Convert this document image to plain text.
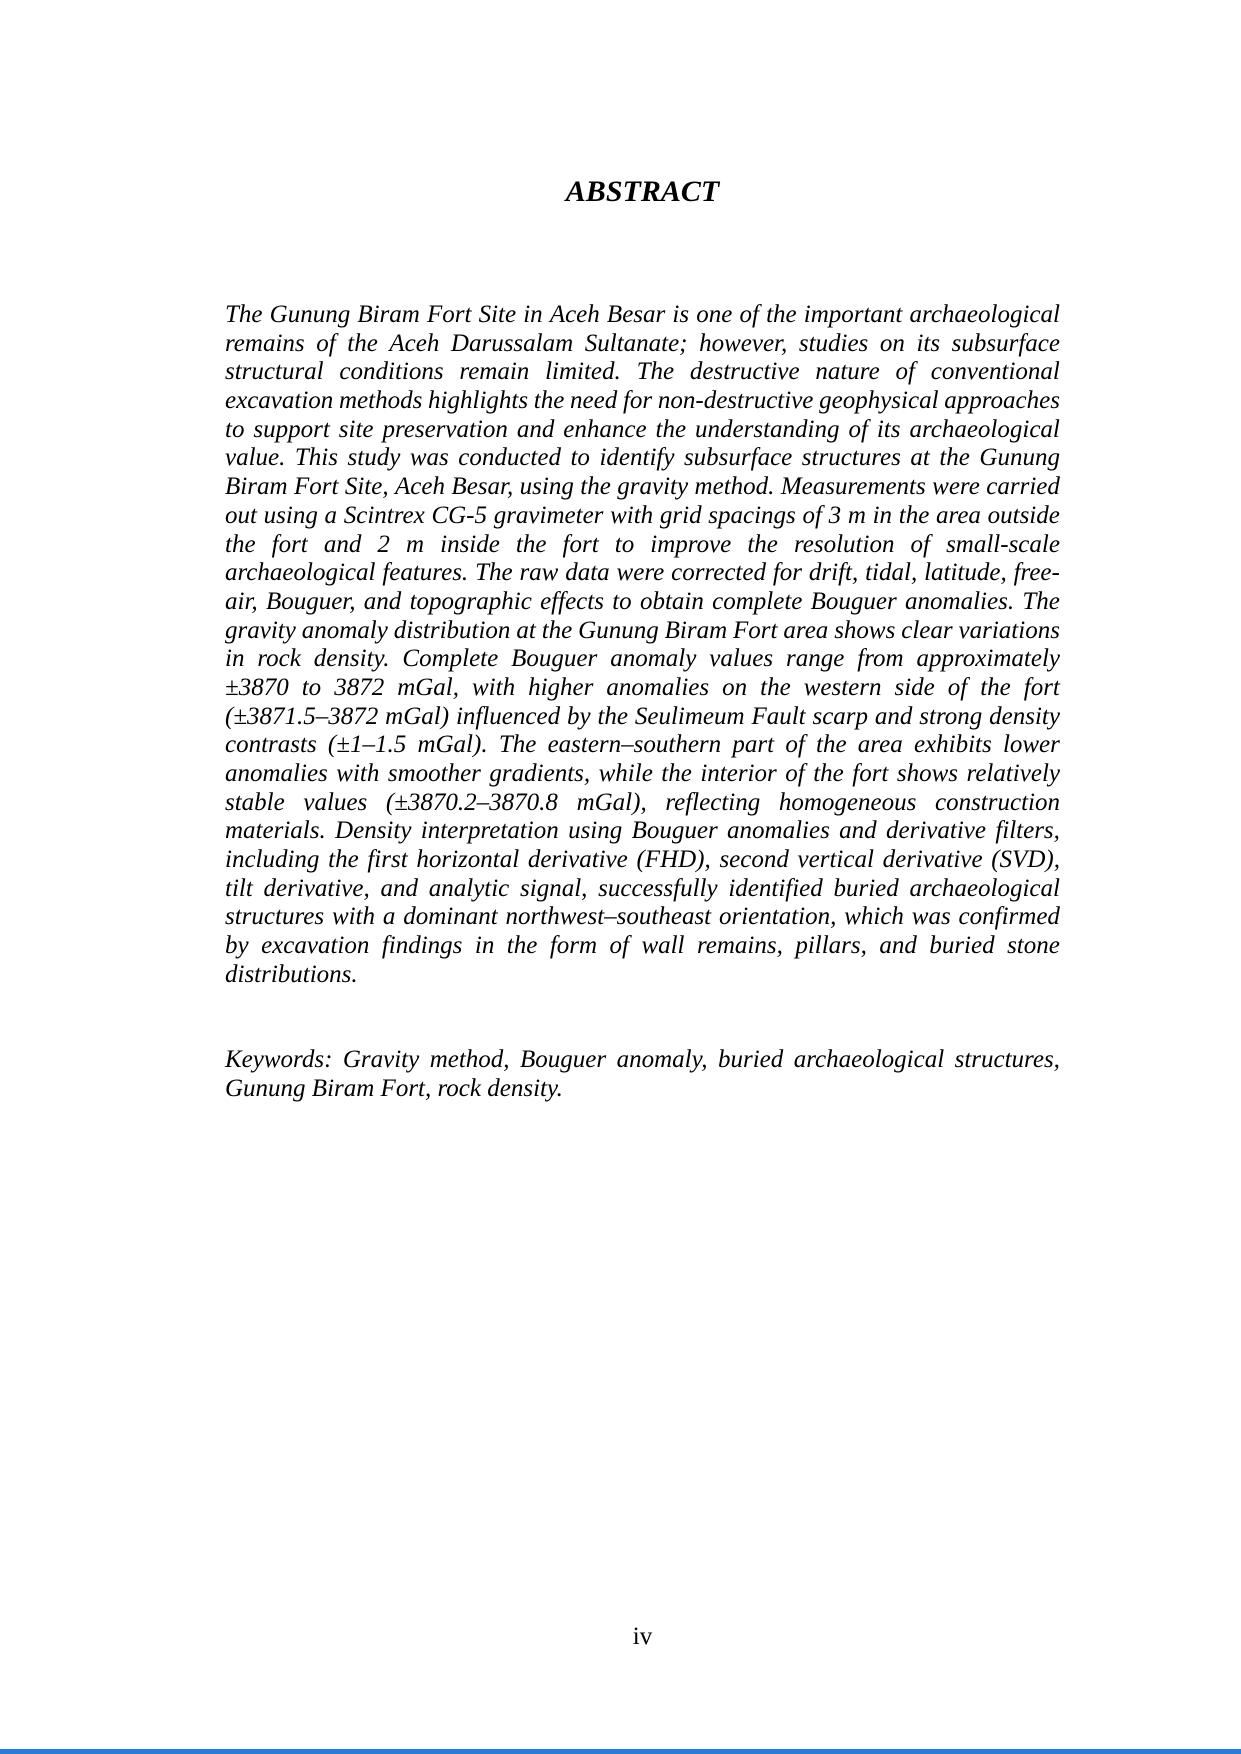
ABSTRACT
The Gunung Biram Fort Site in Aceh Besar is one of the important archaeological
remains of the Aceh Darussalam Sultanate; however, studies on its subsurface
structural conditions remain limited. The destructive nature of conventional
excavation methods highlights the need for non-destructive geophysical approaches
to support site preservation and enhance the understanding of its archaeological
value. This study was conducted to identify subsurface structures at the Gunung
Biram Fort Site, Aceh Besar, using the gravity method. Measurements were carried
out using a Scintrex CG-5 gravimeter with grid spacings of 3 m in the area outside
the fort and 2 m inside the fort to improve the resolution of small-scale
archaeological features. The raw data were corrected for drift, tidal, latitude, free-
air, Bouguer, and topographic effects to obtain complete Bouguer anomalies. The
gravity anomaly distribution at the Gunung Biram Fort area shows clear variations
in rock density. Complete Bouguer anomaly values range from approximately
±3870 to 3872 mGal, with higher anomalies on the western side of the fort
(±3871.5–3872 mGal) influenced by the Seulimeum Fault scarp and strong density
contrasts (±1–1.5 mGal). The eastern–southern part of the area exhibits lower
anomalies with smoother gradients, while the interior of the fort shows relatively
stable values (±3870.2–3870.8 mGal), reflecting homogeneous construction
materials. Density interpretation using Bouguer anomalies and derivative filters,
including the first horizontal derivative (FHD), second vertical derivative (SVD),
tilt derivative, and analytic signal, successfully identified buried archaeological
structures with a dominant northwest–southeast orientation, which was confirmed
by excavation findings in the form of wall remains, pillars, and buried stone
distributions.
Keywords: Gravity method, Bouguer anomaly, buried archaeological structures,
Gunung Biram Fort, rock density.
iv
